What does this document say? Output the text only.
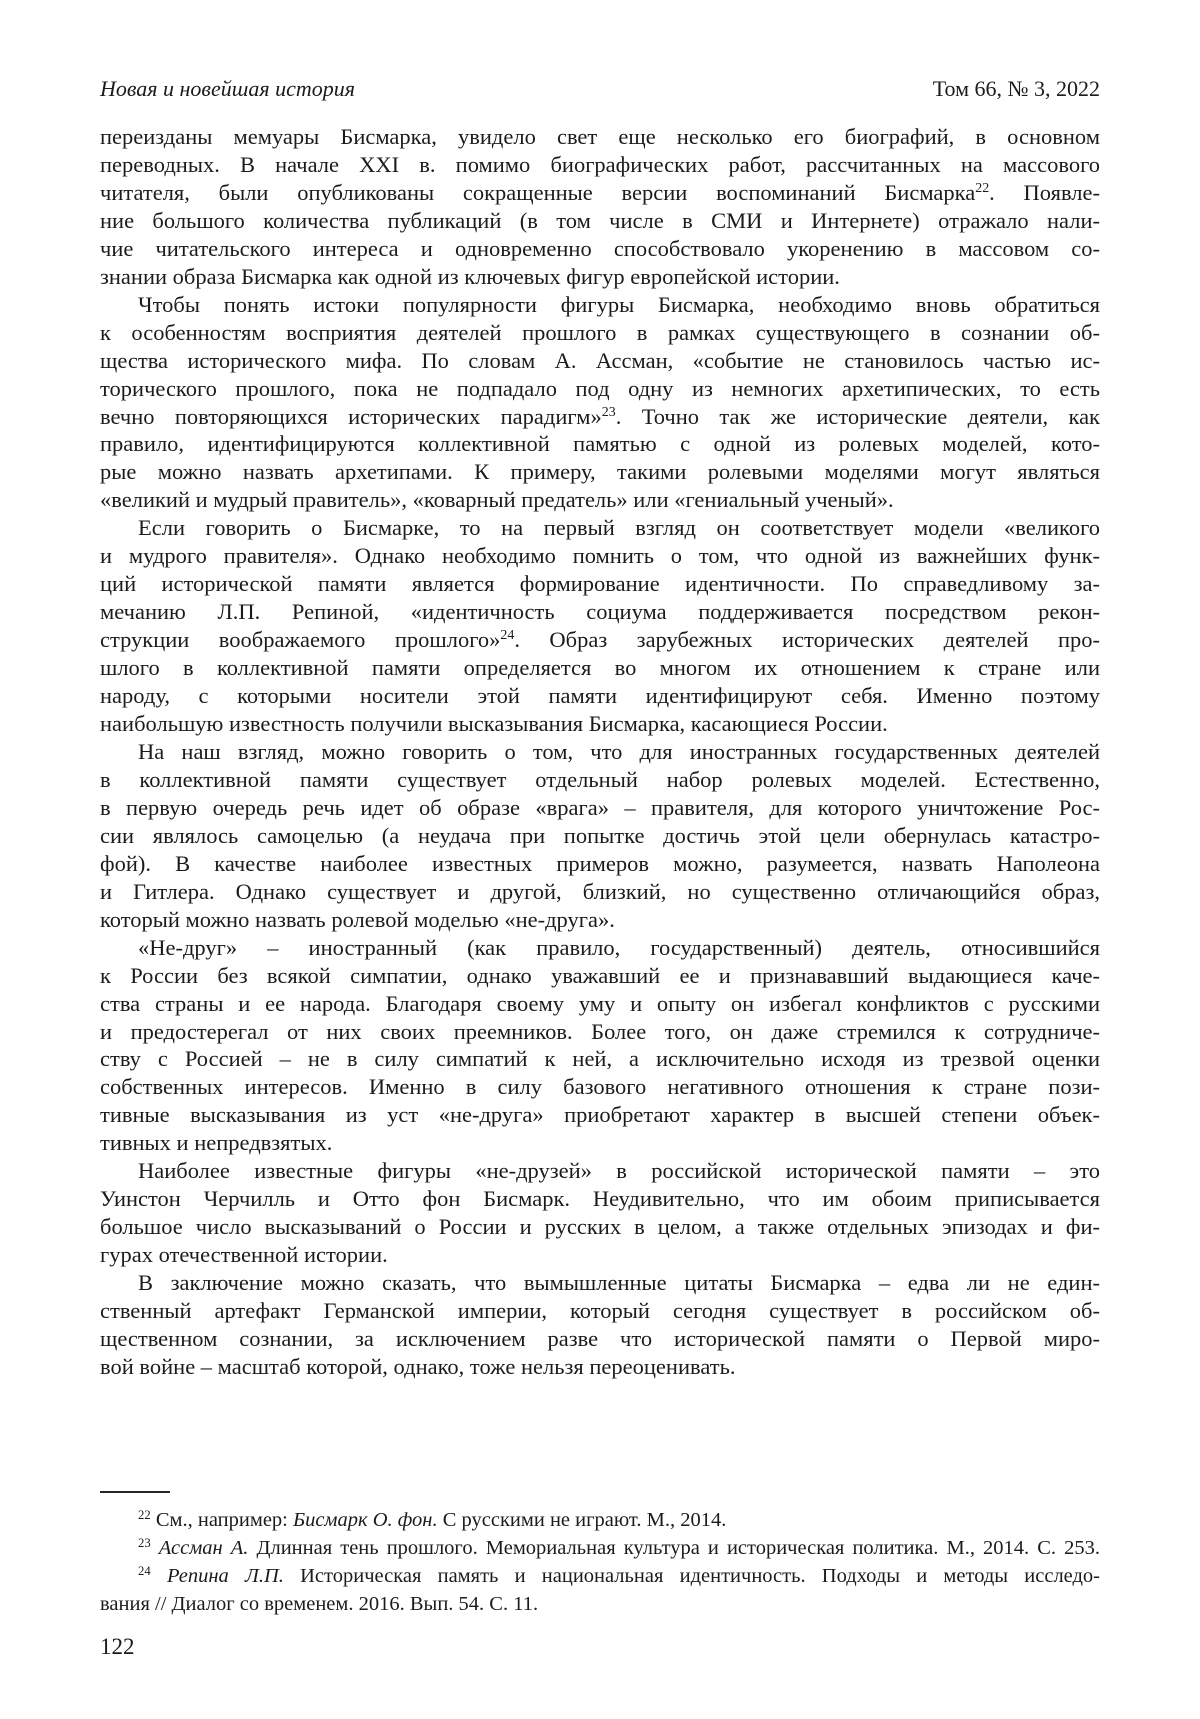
Новая и новейшая история	Том 66, № 3, 2022
переизданы мемуары Бисмарка, увидело свет еще несколько его биографий, в основном
переводных. В начале XXI в. помимо биографических работ, рассчитанных на массового
читателя, были опубликованы сокращенные версии воспоминаний Бисмарка$^{22}$. Появле-
ние большого количества публикаций (в том числе в СМИ и Интернете) отражало нали-
чие читательского интереса и одновременно способствовало укоренению в массовом со-
знании образа Бисмарка как одной из ключевых фигур европейской истории.
Чтобы понять истоки популярности фигуры Бисмарка, необходимо вновь обратиться
к особенностям восприятия деятелей прошлого в рамках существующего в сознании об-
щества исторического мифа. По словам А. Ассман, «событие не становилось частью ис-
торического прошлого, пока не подпадало под одну из немногих архетипических, то есть
вечно повторяющихся исторических парадигм»$^{23}$. Точно так же исторические деятели, как
правило, идентифицируются коллективной памятью с одной из ролевых моделей, кото-
рые можно назвать архетипами. К примеру, такими ролевыми моделями могут являться
«великий и мудрый правитель», «коварный предатель» или «гениальный ученый».
Если говорить о Бисмарке, то на первый взгляд он соответствует модели «великого
и мудрого правителя». Однако необходимо помнить о том, что одной из важнейших функ-
ций исторической памяти является формирование идентичности. По справедливому за-
мечанию Л.П. Репиной, «идентичность социума поддерживается посредством рекон-
струкции воображаемого прошлого»$^{24}$. Образ зарубежных исторических деятелей про-
шлого в коллективной памяти определяется во многом их отношением к стране или
народу, с которыми носители этой памяти идентифицируют себя. Именно поэтому
наибольшую известность получили высказывания Бисмарка, касающиеся России.
На наш взгляд, можно говорить о том, что для иностранных государственных деятелей
в коллективной памяти существует отдельный набор ролевых моделей. Естественно,
в первую очередь речь идет об образе «врага» – правителя, для которого уничтожение Рос-
сии являлось самоцелью (а неудача при попытке достичь этой цели обернулась катастро-
фой). В качестве наиболее известных примеров можно, разумеется, назвать Наполеона
и Гитлера. Однако существует и другой, близкий, но существенно отличающийся образ,
который можно назвать ролевой моделью «не-друга».
«Не-друг» – иностранный (как правило, государственный) деятель, относившийся
к России без всякой симпатии, однако уважавший ее и признававший выдающиеся каче-
ства страны и ее народа. Благодаря своему уму и опыту он избегал конфликтов с русскими
и предостерегал от них своих преемников. Более того, он даже стремился к сотрудниче-
ству с Россией – не в силу симпатий к ней, а исключительно исходя из трезвой оценки
собственных интересов. Именно в силу базового негативного отношения к стране пози-
тивные высказывания из уст «не-друга» приобретают характер в высшей степени объек-
тивных и непредвзятых.
Наиболее известные фигуры «не-друзей» в российской исторической памяти – это
Уинстон Черчилль и Отто фон Бисмарк. Неудивительно, что им обоим приписывается
большое число высказываний о России и русских в целом, а также отдельных эпизодах и фи-
гурах отечественной истории.
В заключение можно сказать, что вымышленные цитаты Бисмарка – едва ли не един-
ственный артефакт Германской империи, который сегодня существует в российском об-
щественном сознании, за исключением разве что исторической памяти о Первой миро-
вой войне – масштаб которой, однако, тоже нельзя переоценивать.
$^{22}$ См., например: Бисмарк О. фон. С русскими не играют. М., 2014.
$^{23}$ Ассман А. Длинная тень прошлого. Мемориальная культура и историческая политика. М., 2014. С. 253.
$^{24}$ Репина Л.П. Историческая память и национальная идентичность. Подходы и методы исследо-
вания // Диалог со временем. 2016. Вып. 54. С. 11.
122
